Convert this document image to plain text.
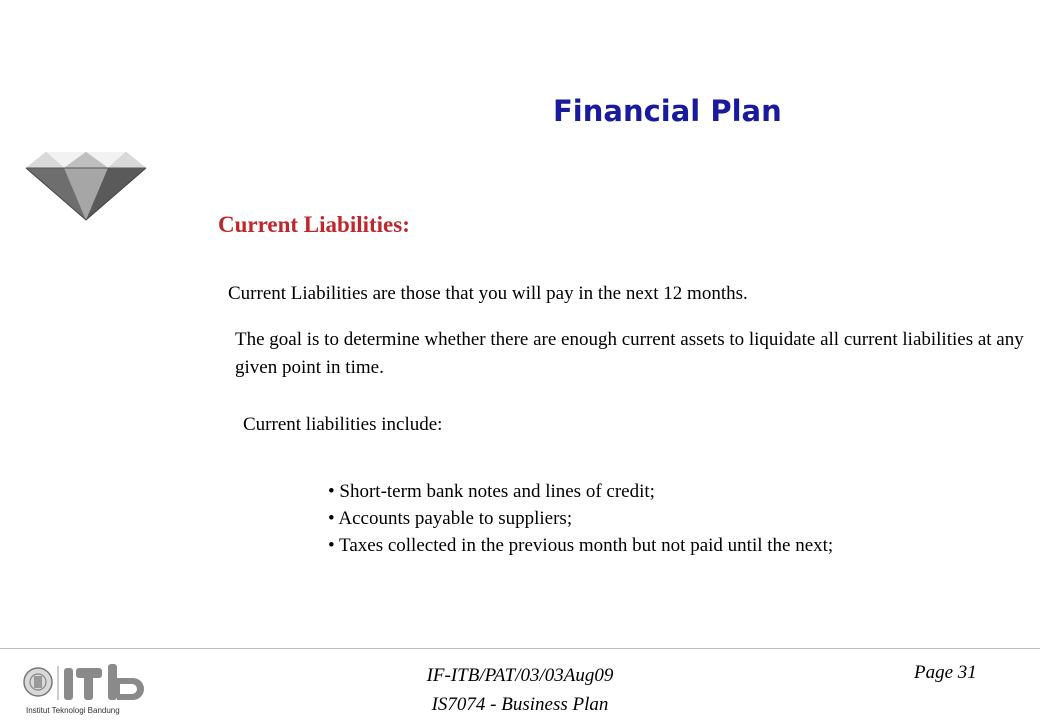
Financial Plan
Current Liabilities:
Current Liabilities are those that you will pay in the next 12 months.
The goal is to determine whether there are enough current assets to liquidate all current liabilities at any given point in time.
Current liabilities include:
• Short-term bank notes and lines of credit;
• Accounts payable to suppliers;
• Taxes collected in the previous month but not paid until the next;
Institut Teknologi Bandung
IF-ITB/PAT/03/03Aug09
IS7074 - Business Plan
Page 31
